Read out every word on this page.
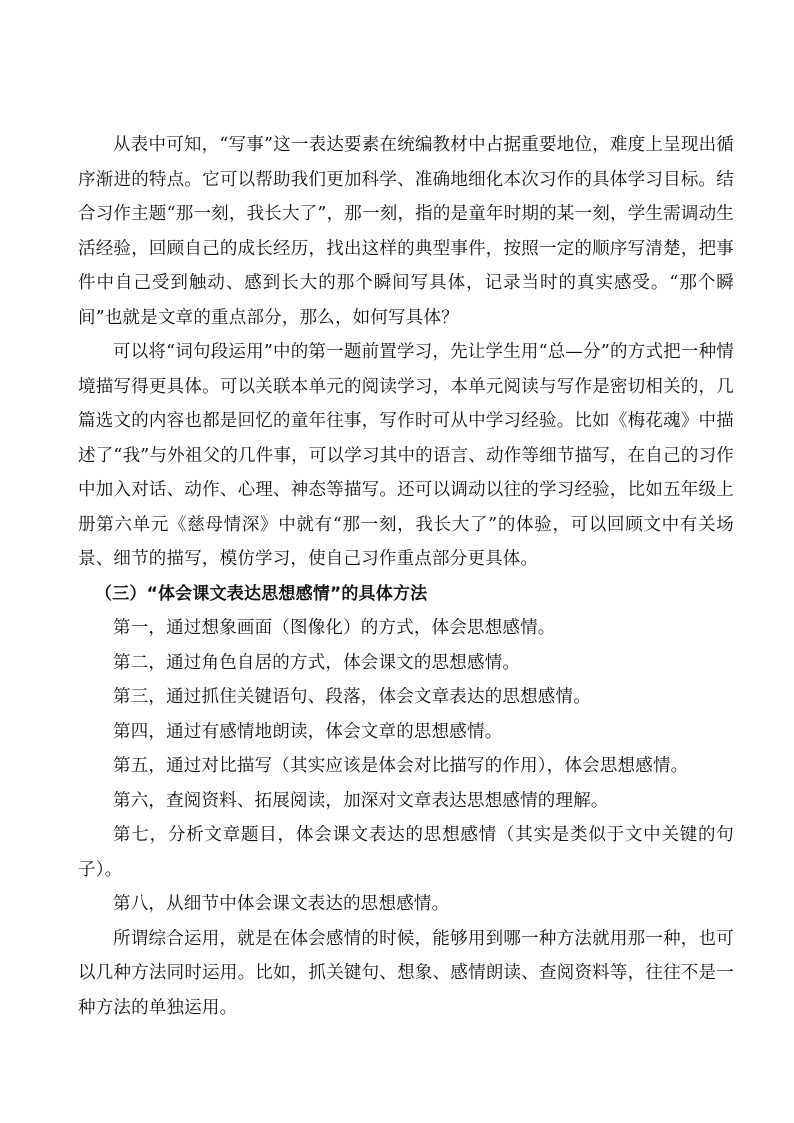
从表中可知，“写事”这一表达要素在统编教材中占据重要地位，难度上呈现出循序渐进的特点。它可以帮助我们更加科学、准确地细化本次习作的具体学习目标。结合习作主题“那一刻，我长大了”，那一刻，指的是童年时期的某一刻，学生需调动生活经验，回顾自己的成长经历，找出这样的典型事件，按照一定的顺序写清楚，把事件中自己受到触动、感到长大的那个瞬间写具体，记录当时的真实感受。“那个瞬间”也就是文章的重点部分，那么，如何写具体？

可以将“词句段运用”中的第一题前置学习，先让学生用“总—分”的方式把一种情境描写得更具体。可以关联本单元的阅读学习，本单元阅读与写作是密切相关的，几篇选文的内容也都是回忆的童年往事，写作时可从中学习经验。比如《梅花魂》中描述了“我”与外祖父的几件事，可以学习其中的语言、动作等细节描写，在自己的习作中加入对话、动作、心理、神态等描写。还可以调动以往的学习经验，比如五年级上册第六单元《慈母情深》中就有“那一刻，我长大了”的体验，可以回顾文中有关场景、细节的描写，模仿学习，使自己习作重点部分更具体。

（三）“体会课文表达思想感情”的具体方法

第一，通过想象画面（图像化）的方式，体会思想感情。

第二，通过角色自居的方式，体会课文的思想感情。

第三，通过抓住关键语句、段落，体会文章表达的思想感情。

第四，通过有感情地朗读，体会文章的思想感情。

第五，通过对比描写（其实应该是体会对比描写的作用），体会思想感情。

第六，查阅资料、拓展阅读，加深对文章表达思想感情的理解。

第七，分析文章题目，体会课文表达的思想感情（其实是类似于文中关键的句子）。

第八，从细节中体会课文表达的思想感情。

所谓综合运用，就是在体会感情的时候，能够用到哪一种方法就用那一种，也可以几种方法同时运用。比如，抓关键句、想象、感情朗读、查阅资料等，往往不是一种方法的单独运用。
